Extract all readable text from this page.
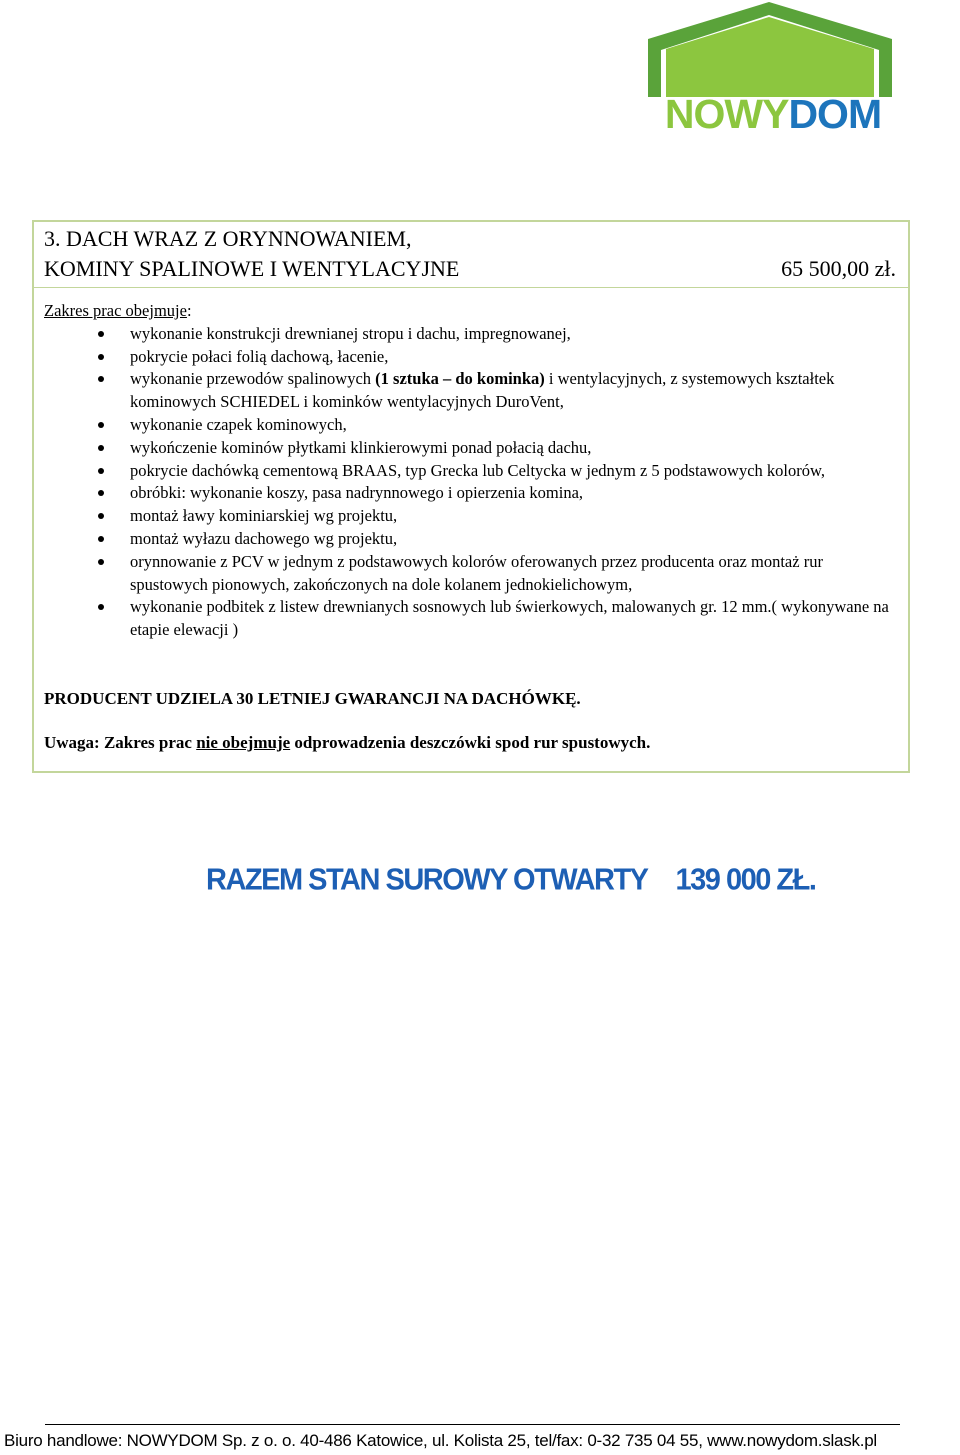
NOWYDOM
3. DACH WRAZ Z ORYNNOWANIEM,
KOMINY SPALINOWE I WENTYLACYJNE	65 500,00 zł.
Zakres prac obejmuje:
wykonanie konstrukcji drewnianej stropu i dachu, impregnowanej,
pokrycie połaci folią dachową, łacenie,
wykonanie przewodów spalinowych (1 sztuka – do kominka) i wentylacyjnych, z systemowych kształtek kominowych SCHIEDEL i kominków wentylacyjnych DuroVent,
wykonanie czapek kominowych,
wykończenie kominów płytkami klinkierowymi ponad połacią dachu,
pokrycie dachówką cementową BRAAS, typ Grecka lub Celtycka w jednym z 5 podstawowych kolorów,
obróbki: wykonanie koszy, pasa nadrynnowego i opierzenia komina,
montaż ławy kominiarskiej wg projektu,
montaż wyłazu dachowego wg projektu,
orynnowanie z PCV w jednym z podstawowych kolorów oferowanych przez producenta oraz montaż rur spustowych pionowych, zakończonych na dole kolanem jednokielichowym,
wykonanie podbitek z listew drewnianych sosnowych lub świerkowych, malowanych gr. 12 mm.( wykonywane na etapie elewacji )
PRODUCENT UDZIELA 30 LETNIEJ GWARANCJI NA DACHÓWKĘ.
Uwaga: Zakres prac nie obejmuje odprowadzenia deszczówki spod rur spustowych.
RAZEM STAN SUROWY OTWARTY 139 000 ZŁ.
Biuro handlowe: NOWYDOM Sp. z o. o. 40-486 Katowice, ul. Kolista 25, tel/fax: 0-32 735 04 55, www.nowydom.slask.pl
